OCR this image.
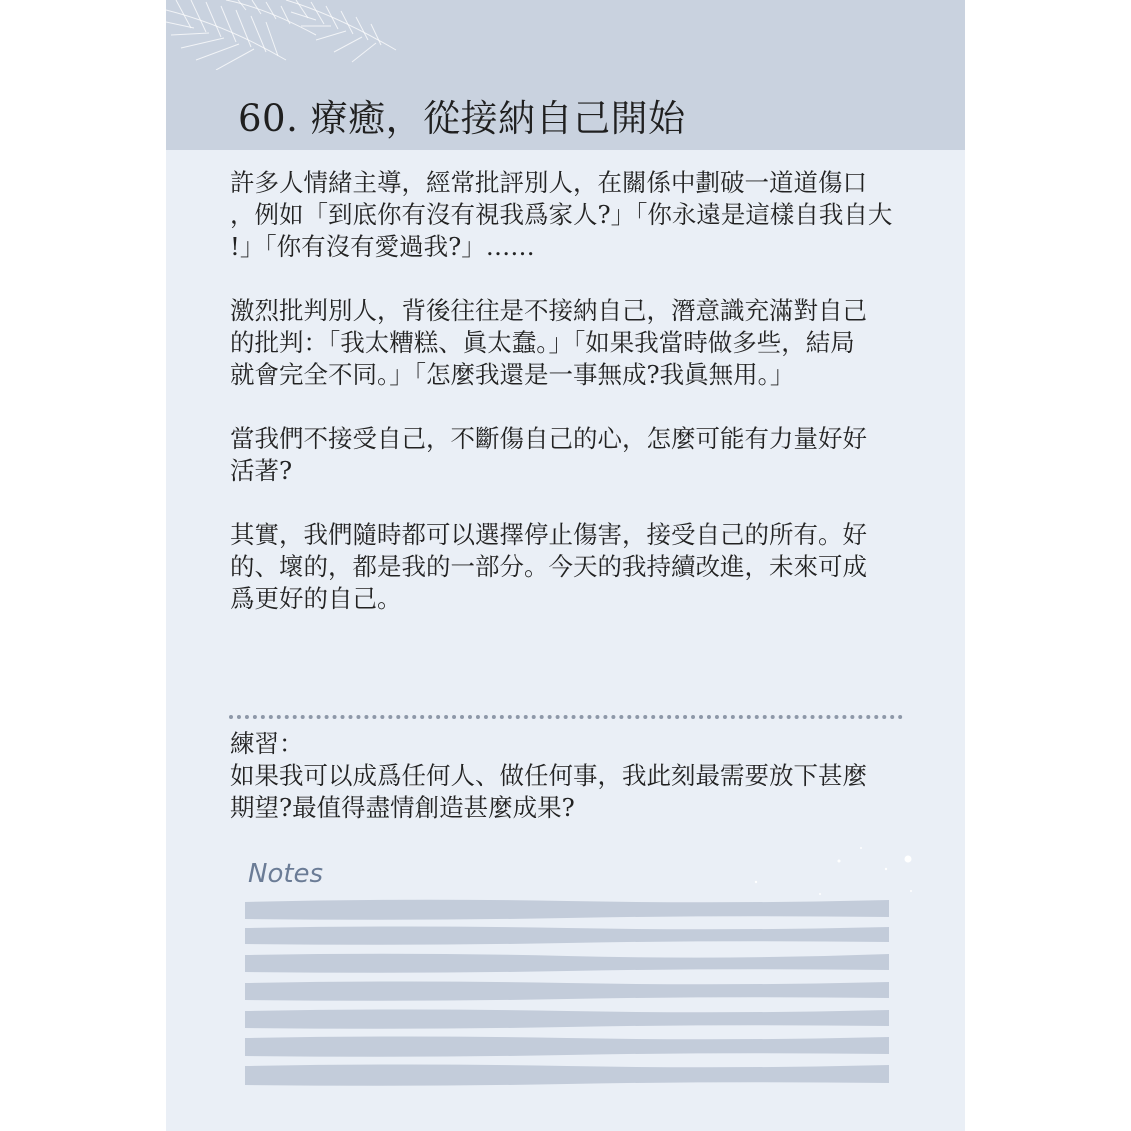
60. 療癒，從接納自己開始

許多人情緒主導，經常批評別人，在關係中劃破一道道傷口
，例如「到底你有沒有視我爲家人?」「你永遠是這樣自我自大
!」「你有沒有愛過我?」……

激烈批判別人，背後往往是不接納自己，潛意識充滿對自己
的批判：「我太糟糕、眞太蠢。」「如果我當時做多些，結局
就會完全不同。」「怎麼我還是一事無成?我眞無用。」

當我們不接受自己，不斷傷自己的心，怎麼可能有力量好好
活著?

其實，我們隨時都可以選擇停止傷害，接受自己的所有。好
的、壞的，都是我的一部分。今天的我持續改進，未來可成
爲更好的自己。

練習：
如果我可以成爲任何人、做任何事，我此刻最需要放下甚麼
期望?最值得盡情創造甚麼成果?
Notes
